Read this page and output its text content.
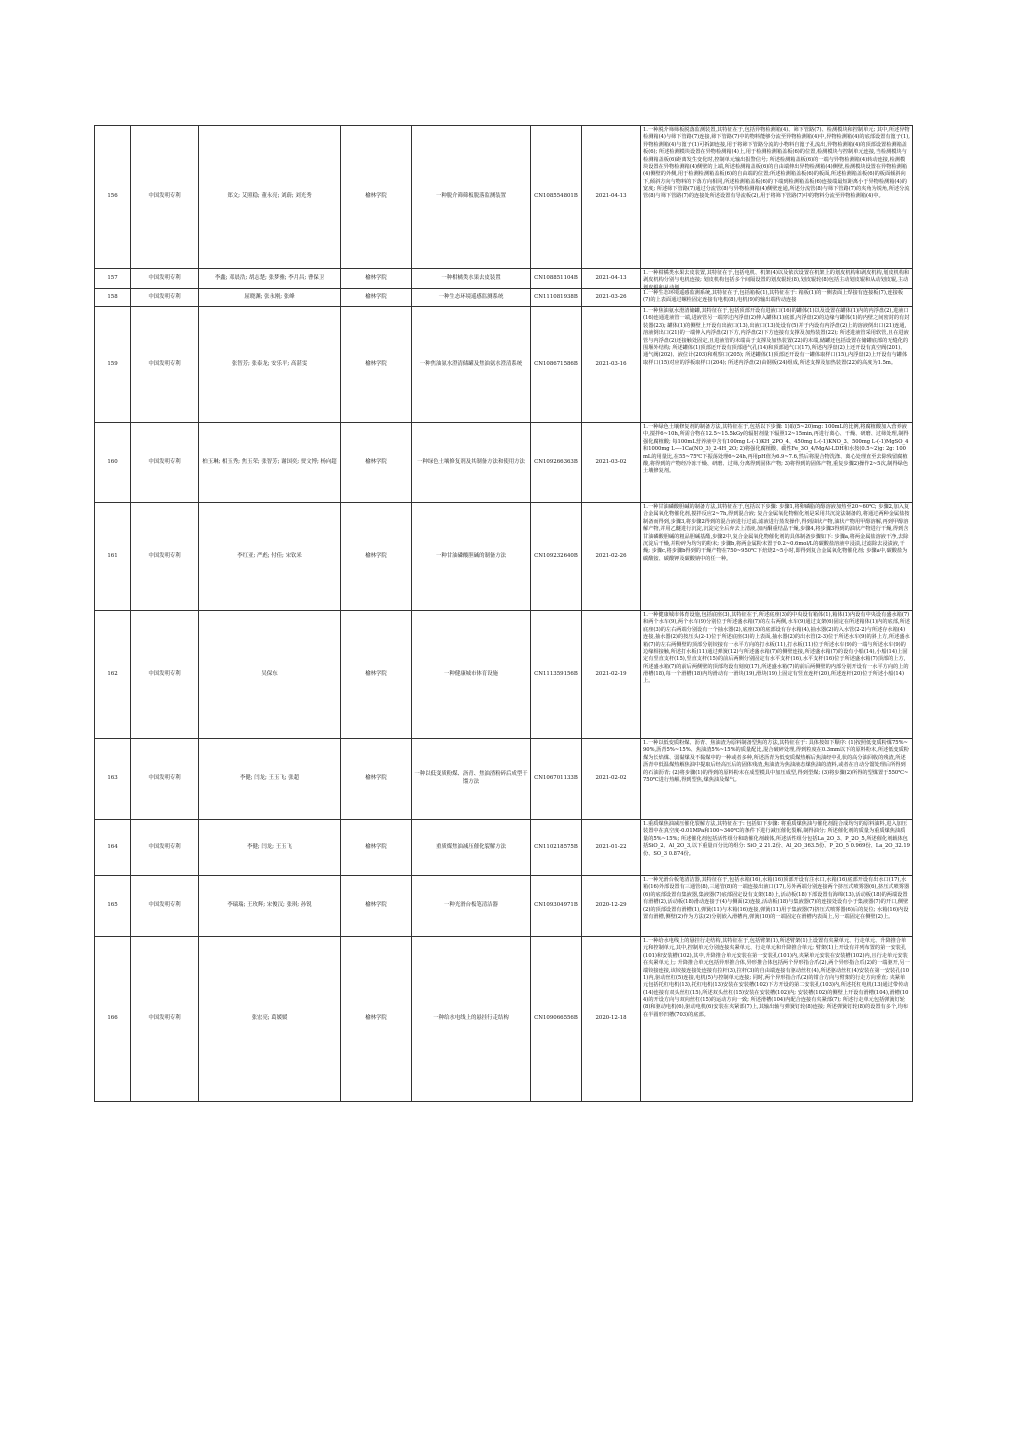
156	中国发明专利	郑文; 艾照稳; 董永亮; 刘蔚; 刘光秀	榆林学院	一种脱介筛筛板脱落监测装置	CN108554801B	2021-04-13	1.一种脱介筛筛板脱落监测装置,其特征在于,包括异物检测箱(4)、筛下管路(7)、检测模块和控制单元; 其中,所述异物检测箱(4)与筛下管路(7)连接,筛下管路(7)中的物料能够分流至异物检测箱(4)中,异物检测箱(4)的底部设置有篦子(1),异物检测箱(4)与篦子(1)可拆卸连接,用于将筛下管路分流的小物料自篦子孔流出,异物检测箱(4)的顶部设置检测箱盖板(6); 所述检测模块设置在异物检测箱(4)上,用于检测检测箱盖板(6)的位置,检测模块与控制单元连接,当检测模块与检测箱盖板(6)距离发生变化时,控制单元输出报警信号; 所述检测箱盖板(6)的一端与异物检测箱(4)转动连接,检测模块设置在异物检测箱(4)侧壁的上端,所述检测箱盖板(6)的自由端伸出异物检测箱(4)侧壁,检测模块设置在异物检测箱(4)侧壁的外侧,用于检测检测箱盖板(6)的自由端的位置;所述检测箱盖板(6)的板面,所述检测箱盖板(6)的板面倾斜向下,倾斜方向与物料的下落方向相同,所述检测箱盖板(6)的下端到检测箱盖板(6)连接端最短距离小于异物检测箱(4)的宽度; 所述筛下管路(7)通过分流管(8)与异物检测箱(4)侧壁连通,所述分流管(8)与筛下管路(7)的夹角为锐角,所述分流管(8)与筛下管路(7)的连接处所述设置有导流板(2),用于将筛下管路(7)中的物料分流至异物检测箱(4)中。

157	中国发明专利	李鑫; 邓晨浩; 胡志楚; 张梦雅; 李月昌; 曹保卫	榆林学院	一种柑橘类水果去皮装置	CN108851104B	2021-04-13	1.一种柑橘类水果去皮装置,其特征在于,包括电机、机架(4)以及依次设置在机架上的划皮机构和剥皮机构,划皮机构和剥皮机构分别与电机连接; 划皮机构包括多个间隔设置的划皮辊轮(8),划皮辊轮(8)包括主动划皮辊和从动划皮辊,主动划皮辊和从动划

158	中国发明专利	屈晓渊; 张永刚; 张峰	榆林学院	一种生态环境遥感监测系统	CN111081938B	2021-03-26	1.一种生态环境遥感监测系统,其特征在于,包括箱板(1),其特征在于: 箱板(1)的一侧表面上焊接有连接板(7),连接板(7)的上表面通过螺栓固定连接有电机(8),电机(9)的输出端传动连接

159	中国发明专利	张智芳; 张泰龙; 安乐平; 高湛雯	榆林学院	一种焦油氨水澄清储罐及焦油氨水澄清系统	CN108671586B	2021-03-16	1.一种焦油氨水澄清储罐,其特征在于,包括顶部开设有进液口(16)的罐体(1)以及设置在罐体(1)内的内浮盘(2),进液口(16)连通进液管一端,进液管另一端穿过内浮盘(2)伸入罐体(1)底部,内浮盘(2)的边缘与罐体(1)的内壁之间密封的有封装器(23); 罐体(1)的侧壁上开设有出液口(13),出液口(13)处设有(5)并于内设有内浮盘(2)上的溶液倒出口(21)连通,溶液倒出口(21)的一端伸入内浮盘(2)下方,内浮盘(2)下方连接有支撑及加热装置(22); 所述进液管采用软管,且在进液管与内浮盘(2)还接触处固定,且进液管的末端高于支撑及加热装置(22)的末端,储罐还包括设置在储罐底部的无缝化的围堰外结构; 所述罐体(1)顶部还开设有顶部通气孔(14)和顶部通气口(17),所述内浮盘(2)上还开设有真空阀(201)、通气阀(202)、液位计(203)和观察口(205); 所述罐体(1)顶部还开设有一罐体取样口(15),内浮盘(2)上开设有与罐体取样口(15)对应的浮板取样口(204); 所述内浮盘(2)由钢板(24)组成,所述支撑及加热装置(22)的高度为1.5m。

160	中国发明专利	柏玉琳; 相玉秀; 焦玉荣; 张智芳; 谢国奕; 贾文博; 杨向超	榆林学院	一种绿色土壤修复剂及其制备方法和使用方法	CN109266363B	2021-03-02	1.一种绿色土壤修复剂的制备方法,其特征在于,包括以下步骤: 1)取(5~20)mg: 100mL的比例,将腐植酸加入营养液中,搅拌6~10h,所需合物在12.5~15.5kGy的辐射剂量下辐照12~15min,再进行离心、干燥、研磨、过筛处理,制得强化腐植酸; 每100mL营养液中含有100mg L-(-1)KH_2PO_4、450mg L-(-1)KNO_3、500mg L-(-1)MgSO_4和1000mg L—-1Ca(NO_3)_2·4H_2O; 2)将强化腐植酸、碳性Fe_3O_4/MgAl-LDH和水按(0.5~2)g: 2g: 100mL的用量比,在55~75℃下振荡处理6~24h,再用pH值为6.9~7.6,然后将混合物洗涤、离心处理直至去除残留腐植酸,将得到的产物经冷冻干燥、研磨、过筛,分离得到固体产物; 3)将得到的固体产物,重复步骤2)操作2~5次,制得绿色土壤修复剂。

161	中国发明专利	李红亚; 严彪; 付佳; 宋钦米	榆林学院	一种甘油磷酸胆碱的制备方法	CN109232640B	2021-02-26	1.一种甘油磷酸胆碱的制备方法,其特征在于,包括以下步骤: 步骤1,将卵磷脂的醇溶液加热至20~60℃; 步骤2,加入复合金属氧化物催化剂,搅拌反应2~7h,得到混合液; 复合金属氧化物催化剂是采用共沉淀法制备的,将通过两种金属盐按制备而得到,步骤3,将步骤2得到的混合液进行过滤,滤液进行蒸发操作,得到油状产物,油状产物用甲醇溶解,再到甲醇溶解产物,并用乙醚进行沉淀,沉淀完全后弃去上清液,加丙酮重结晶干燥,步骤4,将步骤3得到的油状产物进行干燥,得到含甘油磷酸胆碱的粗品胆碱基酯,步骤2中,复合金属氧化物催化剂的具体制备步骤如下: 步骤a,将两金属盐溶液干净,去除沉淀后干燥,并粉碎为均匀的粉末; 步骤b,将两金属粉末置于0.2~0.6mol/L的碳酸盐溶液中浸渍,过滤除去浸渍液,干燥; 步骤c,将步骤b得到的干燥产物在750~950℃下焙烧2~5小时,即得到复合金属氧化物催化剂; 步骤a中,碳酸盐为碳酸铵、碳酸钾及碳酸钠中的任一种。

162	中国发明专利	吴保东	榆林学院	一种健康城市体育设施	CN111359156B	2021-02-19	1.一种健康城市体育设施,包括底座(3),其特征在于,所述底座(3)的中央设有箱体(1),箱体(1)内设有中央设有盛水箱(7)和两个水车(9),两个水车(9)分别位于所述盛水箱(7)的左右两侧,水车(9)通过支架(6)固定在所述箱体(1)内的底部,所述底座(3)的左右两端分别设有一个抽水器(2),底座(3)的底部设有存水箱(4),抽水器(2)的入水管(2-2)与所述存水箱(4)连接,抽水器(2)的按压头(2-1)位于所述底座(3)的上表面,抽水器(2)的出水管(2-3)位于所述水车(9)的斜上方,所述盛水箱(7)的左右两侧壁的顶部分别铰接有一水平方向的打水板(11),打水板(11)位于所述水车(9)的一端与所述水车(9)的边缘相接触,所述打水板(11)通过弹簧(12)与所述盛水箱(7)的侧壁连接,所述盛水箱(7)的设有小船(14),小船(14)上固定有竖直支杆(15),竖直支杆(15)的前后两侧分别固定有水平支杆(16),水平支杆(16)位于所述盛水箱(7)顶部的上方,所述盛水箱(7)的前后两侧壁的顶部均设有刻度(17),所述盛水箱(7)的前后两侧壁的内部分别开设有一水平方向的上的滑槽(18),每一个滑槽(18)内均滑动有一滑块(19),滑块(19)上固定有竖直连杆(20),所述连杆(20)位于所述小船(14)上。

163	中国发明专利	李健; 闫龙; 王玉飞; 张超	榆林学院	一种以低变质粉煤、沥青、焦油渣粉碎后成型干馏方法	CN106701133B	2021-02-02	1.一种以低变质粉煤、沥青、焦油渣为原料制备型焦的方法,其特征在于: 具体按如下顺序: (1)按照低变质粉煤75%~90%,沥青5%~15%、焦油渣5%~15%的质量配比,混合破碎处理,得到粒度在0.3mm以下的原料粉末,所述低变质粉煤为长焰煤、弱黏煤及不黏煤中的一种或者多种,所述沥青为低变质煤热解后焦油经中孔状的高分油回收的残渣,所述沥青中低温煤热解焦油中提取后经高压后的固体残渣,焦油渣为焦油液态煤焦油的渣料,或者在自动分馏处理后所得到的石油沥青; (2)将步骤(1)的得到的原料粉末在成型模具中加压成型,得到型煤; (3)将步骤(2)所得的型煤置于550℃~750℃进行热解,得到型焦,煤焦油及煤气。

164	中国发明专利	李健; 闫龙; 王玉飞	榆林学院	重质煤焦油减压催化裂解方法	CN110218575B	2021-01-22	1.重质煤焦油减压催化裂解方法,其特征在于: 包括如下步骤: 将重质煤焦油与催化剂混合成均匀的原料油料,进入加压装置中在真空度-0.01MPa和100~340℃的条件下进行减压催化裂解,制得油分; 所述催化剂的质量为重质煤焦油质量的5%~15%; 所述催化剂包括活性组分和助催化剂载体,所述活性组分包括La_2O_3、P_2O_5,所述催化剂载体包括SiO_2、Al_2O_3,以下重量百分比的组分: SiO_2 21.2份、Al_2O_363.5份、P_2O_5 0.969份、La_2O_32.19份、SO_3 0.874份。

165	中国发明专利	李瑞瑞; 王玫辉; 宋俊汉; 张琪; 孙锐	榆林学院	一种光滑台板笔清洁器	CN109304971B	2020-12-29	1.一种光滑台板笔清洁器,其特征在于,包括水箱(16),水箱(16)顶部开设有注水口,水箱(16)底部开设有出水口(17),水箱(16)外部设置有三通管(8),三通管(8)的一端连接出液口(17),另外两端分别连接两个挤压式喷雾器(6),挤压式喷雾器(6)的底部设置有集液器,集液器(7)底部固定设有支架(18)上,活动板(18)下部设置有海绵(13),活动板(18)的两端设置有滑槽(2),活动板(18)滑动连接于(4)与侧面(2)连接,活动板(18)与集液器(7)的连接处设有小于集液器(7)的开口,侧壁(2)的顶部设置有滑槽(1),弹簧(11)与木箱(16)连接,弹簧(11)用于集液器(7)挤压式喷雾器(6)后的复位; 水箱(16)内设置有滑槽,侧壁(2)作为方法(2)分别嵌入滑槽内,弹簧(10)的一端固定在滑槽内表面上,另一端固定在侧壁(2)上。

166	中国发明专利	张宏亮; 葛媛媛	榆林学院	一种给水电线上的悬挂行走结构	CN109066556B	2020-12-18	1.一种给水电线上的悬挂行走结构,其特征在于,包括臂架(1),所述臂架(1)上设置有夹紧单元、行走单元、升降推合单元和控制单元,其中,控制单元分别连接夹紧单元、行走单元和升降推合单元; 臂架(1)上开设有并列布置的第一安装孔(101)和安装槽(102),其中,升降推合单元安装在第一安装孔(101)内,夹紧单元安装在安装槽(102)内,且行走单元安装在夹紧单元上; 升降推合单元包括异形推合体,异形推合体包括两个异形指合爪(2),两个异形指合爪(2)的一端驱开,另一端铰接连接,该铰接连接处连接有拉杆(3),拉杆(3)的自由端连接有驱动丝杠(4),所述驱动丝杠(4)安装在第一安装孔(101)内,驱动丝杠(5)连接,电机(5)与控制单元连接; 同时,两个异形指合爪(2)的钳合方向与臂架的行走方向垂直; 夹紧单元包括托杠电机(13),托杠电机(13)安装在安装槽(102)下方开设的第二安装孔(103)内,所述托杠电机(13)通过带传动(14)连接有双头丝杠(15),所述双头丝杠(15)安装在安装槽(102)内; 安装槽(102)的侧壁上开设有滑槽(104),滑槽(104)的开设方向与双向丝杠(15)的运动方向一致; 所述滑槽(104)内配合连接有夹紧部(7); 所述行走单元包括弹簧钉轮(8)和驱动电机(6),驱动电机(6)安装在夹紧部(7)上,其输出轴与弹簧钉轮(8)连接; 所述弹簧钉轮(8)的设置有多个,均布在半圆形凹槽(703)的底部。
